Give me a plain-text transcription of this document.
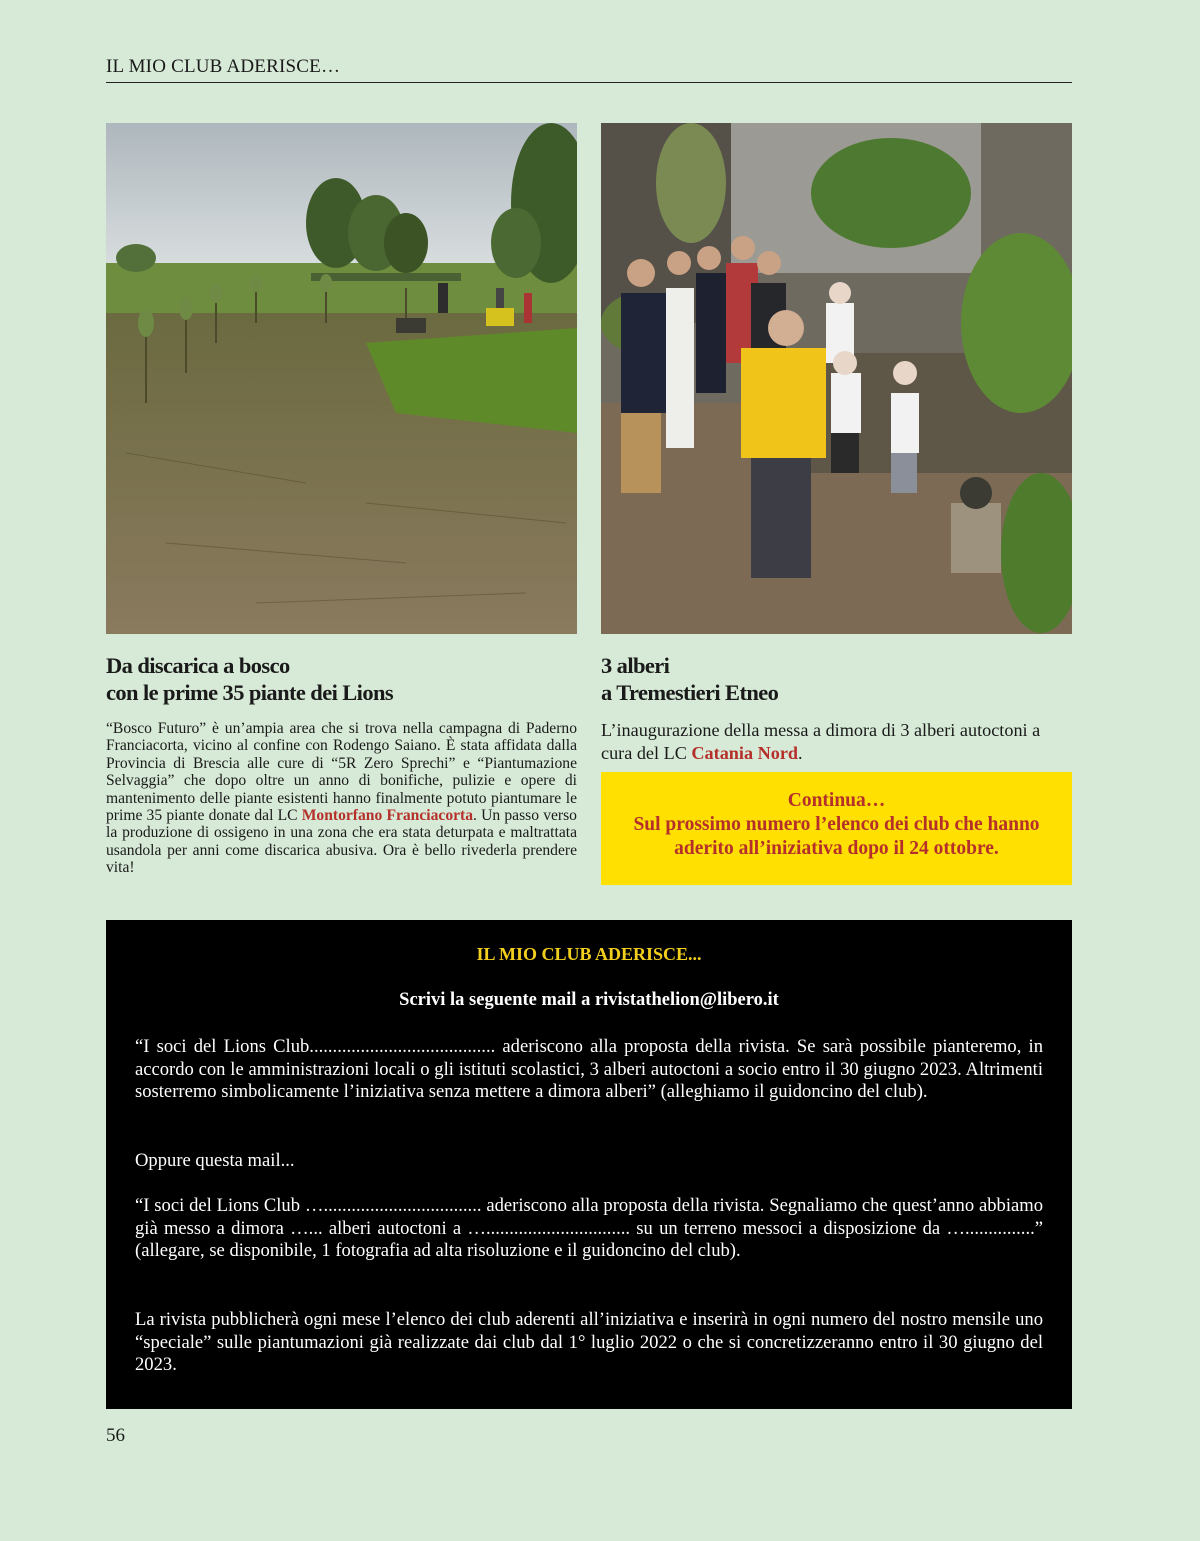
IL MIO CLUB ADERISCE…
Da discarica a bosco
con le prime 35 piante dei Lions
3 alberi
a Tremestieri Etneo

“Bosco Futuro” è un’ampia area che si trova nella campagna di Paderno Franciacorta, vicino al confine con Rodengo Saiano. È stata affidata dalla Provincia di Brescia alle cure di “5R Zero Sprechi” e “Piantumazione Selvaggia” che dopo oltre un anno di bonifiche, pulizie e opere di mantenimento delle piante esistenti hanno finalmente potuto piantumare le prime 35 piante donate dal LC Montorfano Franciacorta. Un passo verso la produzione di ossigeno in una zona che era stata deturpata e maltrattata usandola per anni come discarica abusiva. Ora è bello rivederla prendere vita!

L’inaugurazione della messa a dimora di 3 alberi autoctoni a cura del LC Catania Nord.

Continua…
Sul prossimo numero l’elenco dei club che hanno
aderito all’iniziativa dopo il 24 ottobre.

IL MIO CLUB ADERISCE...

Scrivi la seguente mail a rivistathelion@libero.it

“I soci del Lions Club........................................ aderiscono alla proposta della rivista. Se sarà possibile pianteremo, in accordo con le amministrazioni locali o gli istituti scolastici, 3 alberi autoctoni a socio entro il 30 giugno 2023. Altrimenti sosterremo simbolicamente l’iniziativa senza mettere a dimora alberi” (alleghiamo il guidoncino del club).

Oppure questa mail...

“I soci del Lions Club ….................................. aderiscono alla proposta della rivista. Segnaliamo che quest’anno abbiamo già messo a dimora …... alberi autoctoni a …............................... su un terreno messoci a disposizione da …...............” (allegare, se disponibile, 1 fotografia ad alta risoluzione e il guidoncino del club).

La rivista pubblicherà ogni mese l’elenco dei club aderenti all’iniziativa e inserirà in ogni numero del nostro mensile uno “speciale” sulle piantumazioni già realizzate dai club dal 1° luglio 2022 o che si concretizzeranno entro il 30 giugno del 2023.

56
